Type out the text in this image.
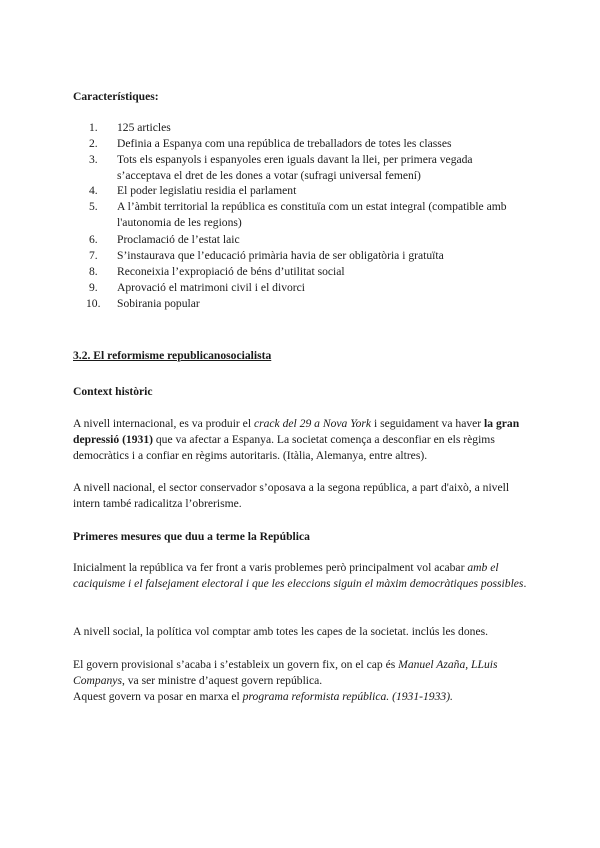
Característiques:
1.	125 articles
2.	Definia a Espanya com una república de treballadors de totes les classes
3.	Tots els espanyols i espanyoles eren iguals davant la llei, per primera vegada s’acceptava el dret de les dones a votar (sufragi universal femení)
4.	El poder legislatiu residia el parlament
5.	A l’àmbit territorial la república es constituïa com un estat integral (compatible amb l'autonomia de les regions)
6.	Proclamació de l’estat laic
7.	S’instaurava que l’educació primària havia de ser obligatòria i gratuïta
8.	Reconeixia l’expropiació de béns d’utilitat social
9.	Aprovació el matrimoni civil i el divorci
10.	Sobirania popular
3.2. El reformisme republicanosocialista
Context històric

A nivell internacional, es va produir el crack del 29 a Nova York i seguidament va haver la gran depressió (1931) que va afectar a Espanya. La societat comença a desconfiar en els règims democràtics i a confiar en règims autoritaris. (Itàlia, Alemanya, entre altres).

A nivell nacional, el sector conservador s’oposava a la segona república, a part d'això, a nivell intern també radicalitza l’obrerisme.

Primeres mesures que duu a terme la República

Inicialment la república va fer front a varis problemes però principalment vol acabar amb el caciquisme i el falsejament electoral i que les eleccions siguin el màxim democràtiques possibles.

A nivell social, la política vol comptar amb totes les capes de la societat. inclús les dones.

El govern provisional s’acaba i s’estableix un govern fix, on el cap és Manuel Azaña, LLuis Companys, va ser ministre d’aquest govern república.

Aquest govern va posar en marxa el programa reformista república. (1931-1933).
